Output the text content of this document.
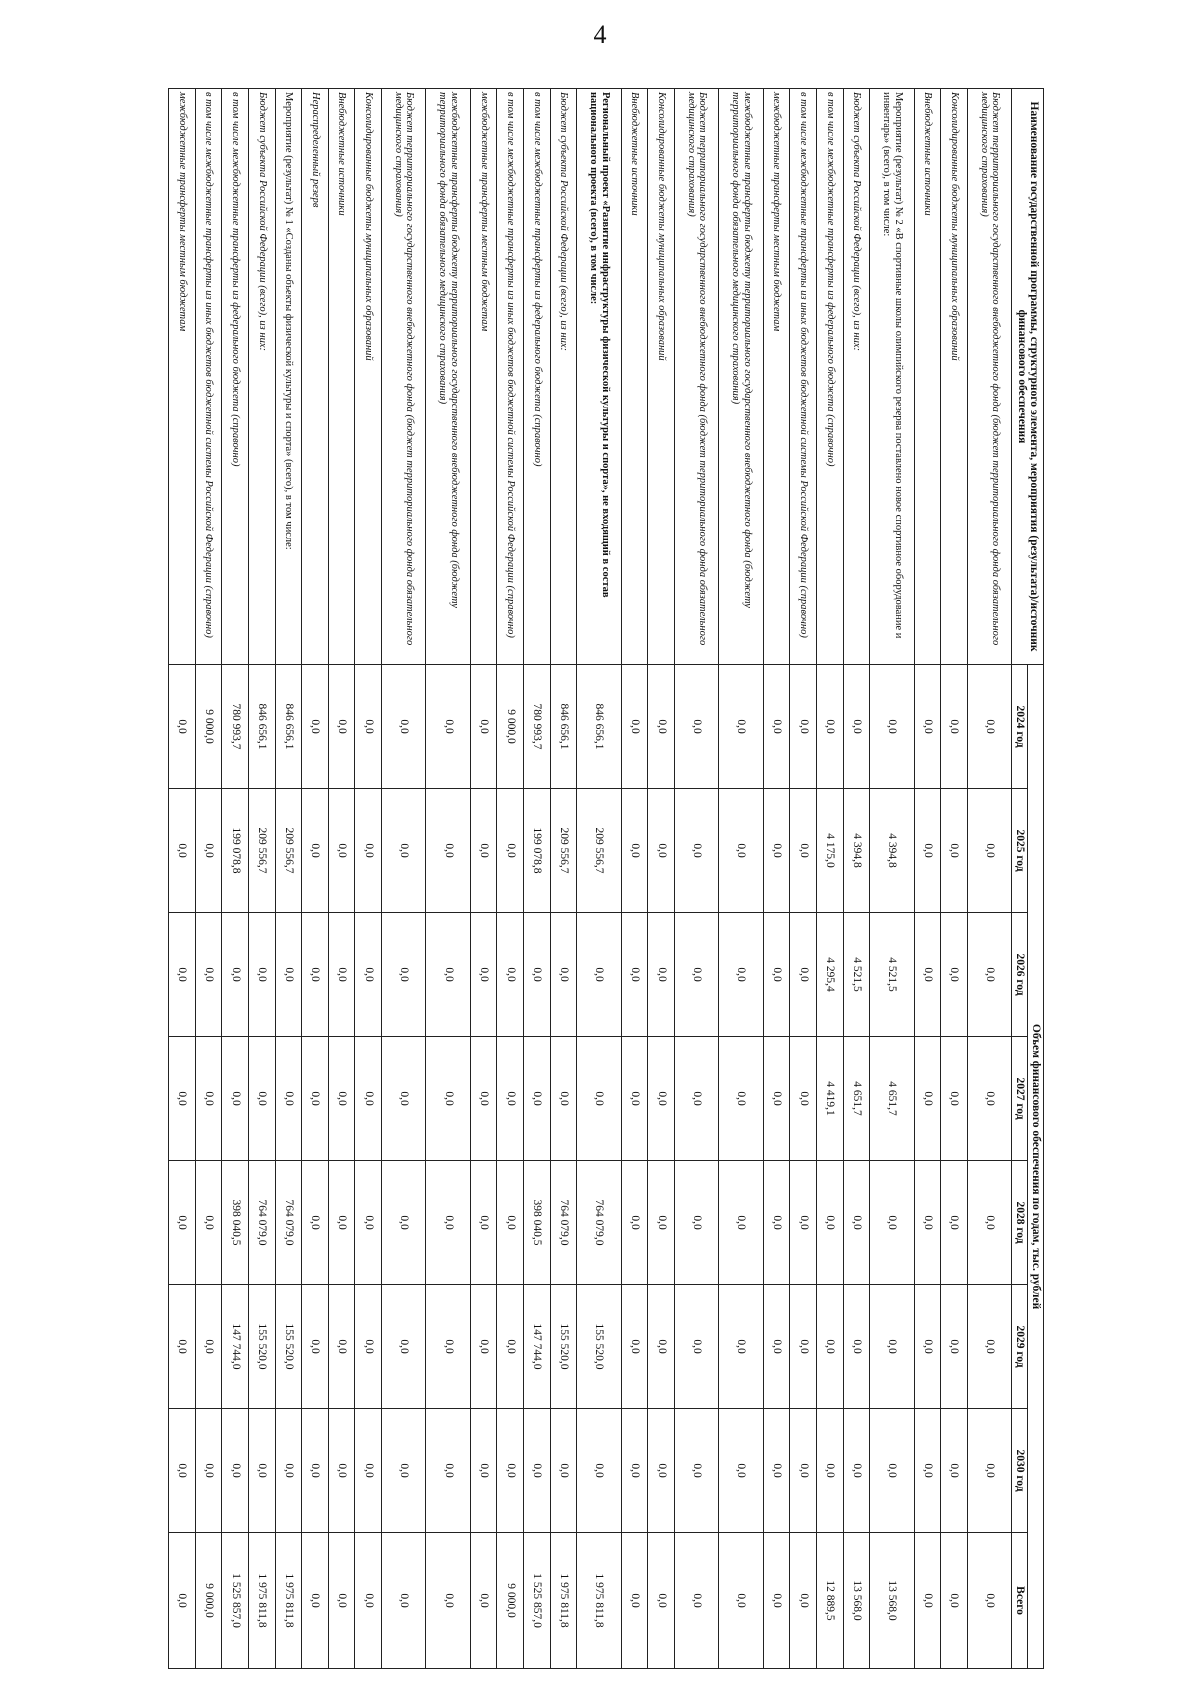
4
Наименование государственной программы, структурного элемента, мероприятия (результата)/источник финансового обеспечения	Объем финансового обеспечения по годам, тыс. рублей							
	2024 год	2025 год	2026 год	2027 год	2028 год	2029 год	2030 год	Всего
Бюджет территориального государственного внебюджетного фонда (бюджет территориального фонда обязательного медицинского страхования)	0,0	0,0	0,0	0,0	0,0	0,0	0,0	0,0
Консолидированные бюджеты муниципальных образований	0,0	0,0	0,0	0,0	0,0	0,0	0,0	0,0
Внебюджетные источники	0,0	0,0	0,0	0,0	0,0	0,0	0,0	0,0
Мероприятие (результат) № 2 «В спортивные школы олимпийского резерва поставлено новое спортивное оборудование и инвентарь» (всего), в том числе:	0,0	4 394,8	4 521,5	4 651,7	0,0	0,0	0,0	13 568,0
Бюджет субъекта Российской Федерации (всего), из них:	0,0	4 394,8	4 521,5	4 651,7	0,0	0,0	0,0	13 568,0
в том числе межбюджетные трансферты из федерального бюджета (справочно)	0,0	4 175,0	4 295,4	4 419,1	0,0	0,0	0,0	12 889,5
в том числе межбюджетные трансферты из иных бюджетов бюджетной системы Российской Федерации (справочно)	0,0	0,0	0,0	0,0	0,0	0,0	0,0	0,0
межбюджетные трансферты местным бюджетам	0,0	0,0	0,0	0,0	0,0	0,0	0,0	0,0
межбюджетные трансферты бюджету территориального государственного внебюджетного фонда (бюджету территориального фонда обязательного медицинского страхования)	0,0	0,0	0,0	0,0	0,0	0,0	0,0	0,0
Бюджет территориального государственного внебюджетного фонда (бюджет территориального фонда обязательного медицинского страхования)	0,0	0,0	0,0	0,0	0,0	0,0	0,0	0,0
Консолидированные бюджеты муниципальных образований	0,0	0,0	0,0	0,0	0,0	0,0	0,0	0,0
Внебюджетные источники	0,0	0,0	0,0	0,0	0,0	0,0	0,0	0,0
Региональный проект «Развитие инфраструктуры физической культуры и спорта», не входящий в состав национального проекта (всего), в том числе:	846 656,1	209 556,7	0,0	0,0	764 079,0	155 520,0	0,0	1 975 811,8
Бюджет субъекта Российской Федерации (всего), из них:	846 656,1	209 556,7	0,0	0,0	764 079,0	155 520,0	0,0	1 975 811,8
в том числе межбюджетные трансферты из федерального бюджета (справочно)	780 993,7	199 078,8	0,0	0,0	398 040,5	147 744,0	0,0	1 525 857,0
в том числе межбюджетные трансферты из иных бюджетов бюджетной системы Российской Федерации (справочно)	9 000,0	0,0	0,0	0,0	0,0	0,0	0,0	9 000,0
межбюджетные трансферты местным бюджетам	0,0	0,0	0,0	0,0	0,0	0,0	0,0	0,0
межбюджетные трансферты бюджету территориального государственного внебюджетного фонда (бюджету территориального фонда обязательного медицинского страхования)	0,0	0,0	0,0	0,0	0,0	0,0	0,0	0,0
Бюджет территориального государственного внебюджетного фонда (бюджет территориального фонда обязательного медицинского страхования)	0,0	0,0	0,0	0,0	0,0	0,0	0,0	0,0
Консолидированные бюджеты муниципальных образований	0,0	0,0	0,0	0,0	0,0	0,0	0,0	0,0
Внебюджетные источники	0,0	0,0	0,0	0,0	0,0	0,0	0,0	0,0
Нераспределенный резерв	0,0	0,0	0,0	0,0	0,0	0,0	0,0	0,0
Мероприятие (результат) № 1 «Созданы объекты физической культуры и спорта» (всего), в том числе:	846 656,1	209 556,7	0,0	0,0	764 079,0	155 520,0	0,0	1 975 811,8
Бюджет субъекта Российской Федерации (всего), из них:	846 656,1	209 556,7	0,0	0,0	764 079,0	155 520,0	0,0	1 975 811,8
в том числе межбюджетные трансферты из федерального бюджета (справочно)	780 993,7	199 078,8	0,0	0,0	398 040,5	147 744,0	0,0	1 525 857,0
в том числе межбюджетные трансферты из иных бюджетов бюджетной системы Российской Федерации (справочно)	9 000,0	0,0	0,0	0,0	0,0	0,0	0,0	9 000,0
межбюджетные трансферты местным бюджетам	0,0	0,0	0,0	0,0	0,0	0,0	0,0	0,0
